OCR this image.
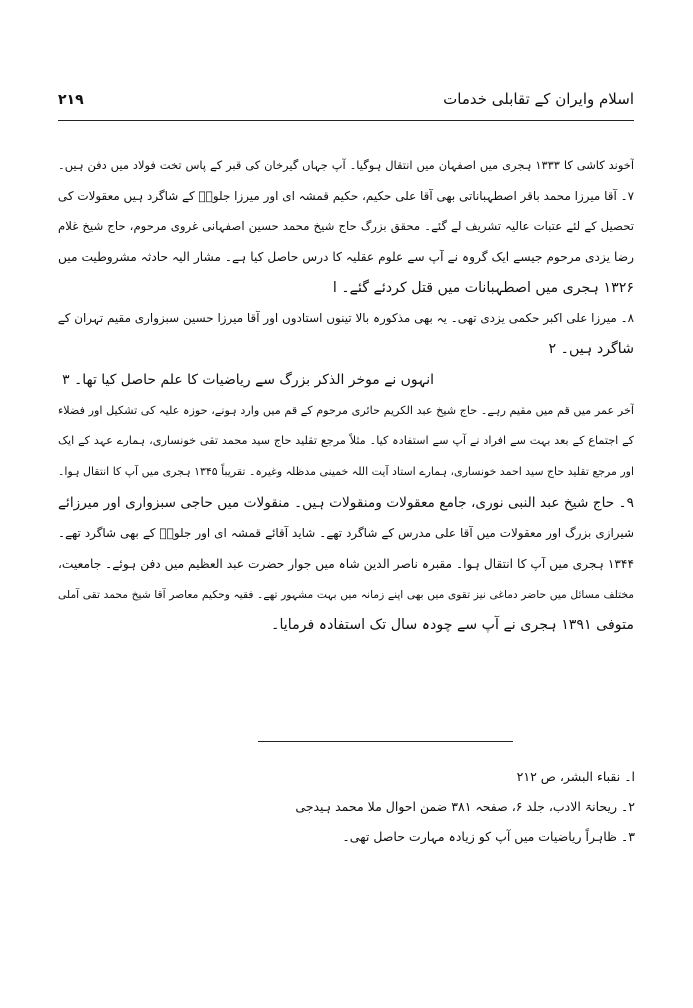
۲۱۹	اسلام وایران کے تقابلی خدمات
آخوند کاشی کا ۱۳۳۳ ہجری میں اصفہان میں انتقال ہوگیا۔ آپ جہاں گیرخان کی قبر کے پاس تخت فولاد میں دفن ہیں۔
۷۔ آقا میرزا محمد باقر اصطہباناتی بھی آقا علی حکیم، حکیم قمشہ ای اور میرزا جلوہؒ کے شاگرد ہیں معقولات کی
تحصیل کے لئے عتبات عالیہ تشریف لے گئے۔ محقق بزرگ حاج شیخ محمد حسین اصفہانی غروی مرحوم، حاج شیخ غلام
رضا یزدی مرحوم جیسے ایک گروہ نے آپ سے علوم عقلیہ کا درس حاصل کیا ہے۔ مشار الیہ حادثہ مشروطیت میں
۱۳۲۶ ہجری میں اصطہبانات میں قتل کردئے گئے۔ ا
۸۔ میرزا علی اکبر حکمی یزدی تھی۔ یہ بھی مذکورہ بالا تینوں استادوں اور آقا میرزا حسین سبزواری مقیم تہران کے
شاگرد ہیں۔ ۲
انہوں نے موخر الذکر بزرگ سے ریاضیات کا علم حاصل کیا تھا۔ ۳
آخر عمر میں قم میں مقیم رہے۔ حاج شیخ عبد الکریم حائری مرحوم کے قم میں وارد ہونے، حوزہ علیہ کی تشکیل اور فضلاء
کے اجتماع کے بعد بہت سے افراد نے آپ سے استفادہ کیا۔ مثلاً مرجع تقلید حاج سید محمد تقی خونساری، ہمارے عہد کے ایک
اور مرجع تقلید حاج سید احمد خونساری، ہمارے استاد آیت اللہ خمینی مدظلہ وغیرہ۔ تقریباً ۱۳۴۵ ہجری میں آپ کا انتقال ہوا۔
۹۔ حاج شیخ عبد النبی نوری، جامع معقولات ومنقولات ہیں۔ منقولات میں حاجی سبزواری اور میرزائے
شیرازی بزرگ اور معقولات میں آقا علی مدرس کے شاگرد تھے۔ شاید آقائے قمشہ ای اور جلوہؒ کے بھی شاگرد تھے۔
۱۳۴۴ ہجری میں آپ کا انتقال ہوا۔ مقبرہ ناصر الدین شاہ میں جوار حضرت عبد العظیم میں دفن ہوئے۔ جامعیت،
مختلف مسائل میں حاضر دماغی نیز تقوی میں بھی اپنے زمانہ میں بہت مشہور تھے۔ فقیہ وحکیم معاصر آقا شیخ محمد تقی آملی
متوفی ۱۳۹۱ ہجری نے آپ سے چودہ سال تک استفادہ فرمایا۔
ا۔ نقباء البشر، ص ۲۱۲
۲۔ ریحانۃ الادب، جلد ۶، صفحہ ۳۸۱ ضمن احوال ملا محمد ہیدجی
۳۔ ظاہراً ریاضیات میں آپ کو زیادہ مہارت حاصل تھی۔
